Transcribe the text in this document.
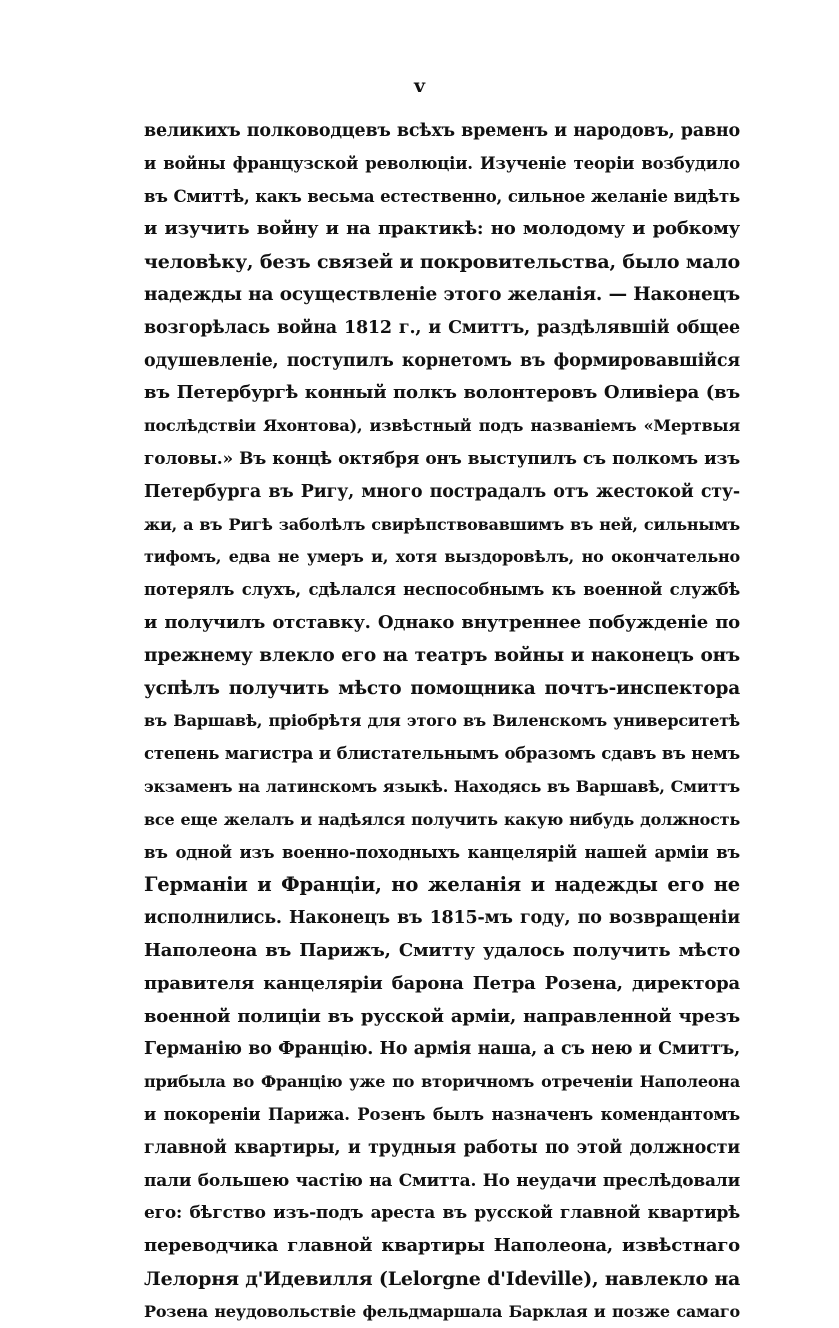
v
великихъ полководцевъ всѣхъ временъ и народовъ, равно
и войны французской революціи. Изученіе теоріи возбудило
въ Смиттѣ, какъ весьма естественно, сильное желаніе видѣть
и изучить войну и на практикѣ: но молодому и робкому
человѣку, безъ связей и покровительства, было мало
надежды на осуществленіе этого желанія. — Наконецъ
возгорѣлась война 1812 г., и Смиттъ, раздѣлявшій общее
одушевленіе, поступилъ корнетомъ въ формировавшійся
въ Петербургѣ конный полкъ волонтеровъ Оливіера (въ
послѣдствіи Яхонтова), извѣстный подъ названіемъ «Мертвыя
головы.» Въ концѣ октября онъ выступилъ съ полкомъ изъ
Петербурга въ Ригу, много пострадалъ отъ жестокой сту-
жи, а въ Ригѣ заболѣлъ свирѣпствовавшимъ въ ней, сильнымъ
тифомъ, едва не умеръ и, хотя выздоровѣлъ, но окончательно
потерялъ слухъ, сдѣлался неспособнымъ къ военной службѣ
и получилъ отставку. Однако внутреннее побужденіе по
прежнему влекло его на театръ войны и наконецъ онъ
успѣлъ получить мѣсто помощника почтъ-инспектора
въ Варшавѣ, пріобрѣтя для этого въ Виленскомъ университетѣ
степень магистра и блистательнымъ образомъ сдавъ въ немъ
экзаменъ на латинскомъ языкѣ. Находясь въ Варшавѣ, Смиттъ
все еще желалъ и надѣялся получить какую нибудь должность
въ одной изъ военно-походныхъ канцелярій нашей арміи въ
Германіи и Франціи, но желанія и надежды его не
исполнились. Наконецъ въ 1815-мъ году, по возвращеніи
Наполеона въ Парижъ, Смитту удалось получить мѣсто
правителя канцеляріи барона Петра Розена, директора
военной полиціи въ русской арміи, направленной чрезъ
Германію во Францію. Но армія наша, а съ нею и Смиттъ,
прибыла во Францію уже по вторичномъ отреченіи Наполеона
и покореніи Парижа. Розенъ былъ назначенъ комендантомъ
главной квартиры, и трудныя работы по этой должности
пали большею частію на Смитта. Но неудачи преслѣдовали
его: бѣгство изъ-подъ ареста въ русской главной квартирѣ
переводчика главной квартиры Наполеона, извѣстнаго
Лелорня д'Идевилля (Lelorgne d'Ideville), навлекло на
Розена неудовольствіе фельдмаршала Барклая и позже самаго
